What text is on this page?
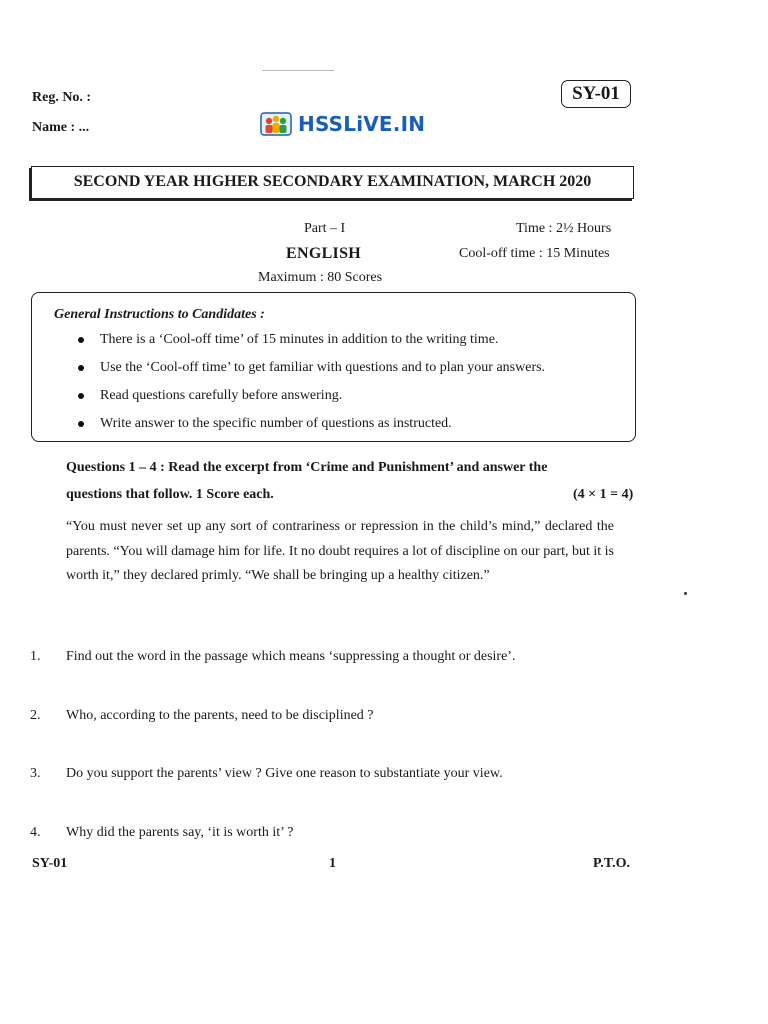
Reg. No. :
Name : ...
SY-01
HSSLiVE.IN
SECOND YEAR HIGHER SECONDARY EXAMINATION, MARCH 2020
Part – I	Time : 2½ Hours
ENGLISH	Cool-off time : 15 Minutes
Maximum : 80 Scores
General Instructions to Candidates :
There is a ‘Cool-off time’ of 15 minutes in addition to the writing time.
Use the ‘Cool-off time’ to get familiar with questions and to plan your answers.
Read questions carefully before answering.
Write answer to the specific number of questions as instructed.
Questions 1 – 4 : Read the excerpt from ‘Crime and Punishment’ and answer the
questions that follow. 1 Score each.	(4 × 1 = 4)
“You must never set up any sort of contrariness or repression in the child’s mind,” declared the parents. “You will damage him for life. It no doubt requires a lot of discipline on our part, but it is worth it,” they declared primly. “We shall be bringing up a healthy citizen.”
1. Find out the word in the passage which means ‘suppressing a thought or desire’.
2. Who, according to the parents, need to be disciplined ?
3. Do you support the parents’ view ? Give one reason to substantiate your view.
4. Why did the parents say, ‘it is worth it’ ?
SY-01	1	P.T.O.
